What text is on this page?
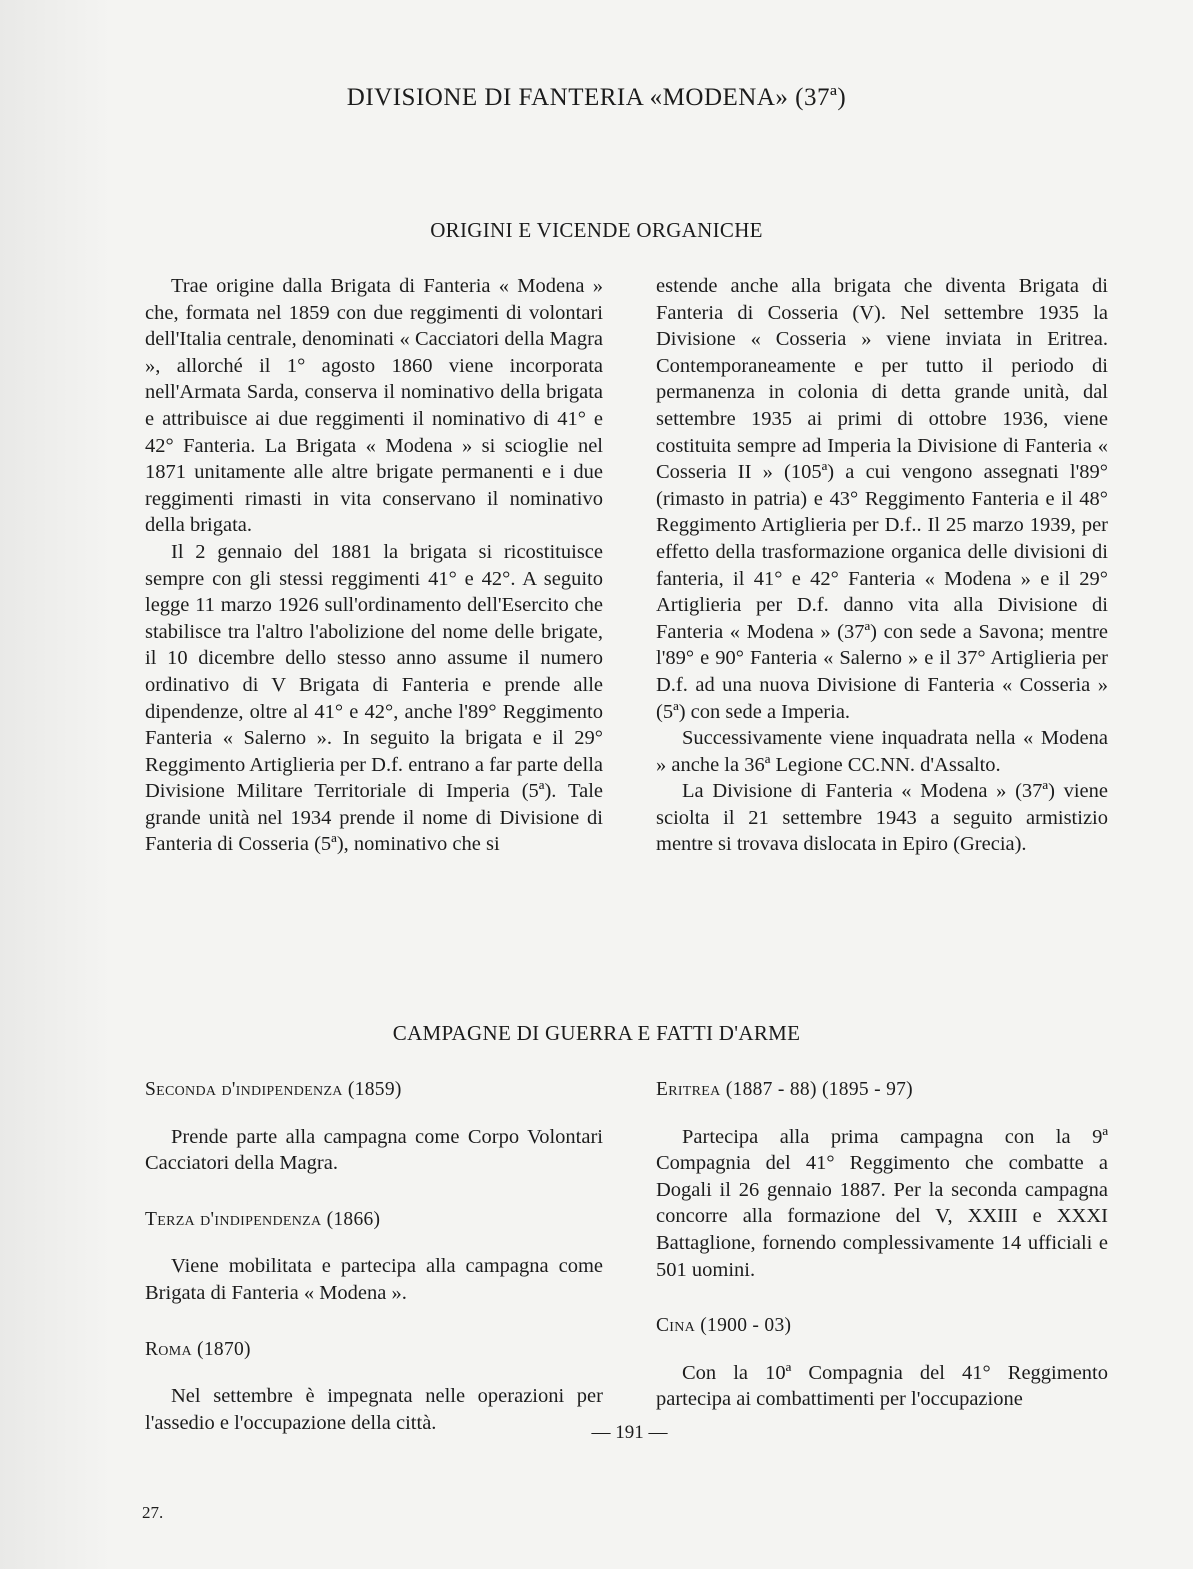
DIVISIONE DI FANTERIA «MODENA» (37ª)
ORIGINI E VICENDE ORGANICHE

Trae origine dalla Brigata di Fanteria « Modena » che, formata nel 1859 con due reggimenti di volontari dell'Italia centrale, denominati « Cacciatori della Magra », allorché il 1° agosto 1860 viene incorporata nell'Armata Sarda, conserva il nominativo della brigata e attribuisce ai due reggimenti il nominativo di 41° e 42° Fanteria. La Brigata « Modena » si scioglie nel 1871 unitamente alle altre brigate permanenti e i due reggimenti rimasti in vita conservano il nominativo della brigata.

Il 2 gennaio del 1881 la brigata si ricostituisce sempre con gli stessi reggimenti 41° e 42°. A seguito legge 11 marzo 1926 sull'ordinamento dell'Esercito che stabilisce tra l'altro l'abolizione del nome delle brigate, il 10 dicembre dello stesso anno assume il numero ordinativo di V Brigata di Fanteria e prende alle dipendenze, oltre al 41° e 42°, anche l'89° Reggimento Fanteria « Salerno ». In seguito la brigata e il 29° Reggimento Artiglieria per D.f. entrano a far parte della Divisione Militare Territoriale di Imperia (5ª). Tale grande unità nel 1934 prende il nome di Divisione di Fanteria di Cosseria (5ª), nominativo che si

estende anche alla brigata che diventa Brigata di Fanteria di Cosseria (V). Nel settembre 1935 la Divisione « Cosseria » viene inviata in Eritrea. Contemporaneamente e per tutto il periodo di permanenza in colonia di detta grande unità, dal settembre 1935 ai primi di ottobre 1936, viene costituita sempre ad Imperia la Divisione di Fanteria « Cosseria II » (105ª) a cui vengono assegnati l'89° (rimasto in patria) e 43° Reggimento Fanteria e il 48° Reggimento Artiglieria per D.f.. Il 25 marzo 1939, per effetto della trasformazione organica delle divisioni di fanteria, il 41° e 42° Fanteria « Modena » e il 29° Artiglieria per D.f. danno vita alla Divisione di Fanteria « Modena » (37ª) con sede a Savona; mentre l'89° e 90° Fanteria « Salerno » e il 37° Artiglieria per D.f. ad una nuova Divisione di Fanteria « Cosseria » (5ª) con sede a Imperia.

Successivamente viene inquadrata nella « Modena » anche la 36ª Legione CC.NN. d'Assalto.

La Divisione di Fanteria « Modena » (37ª) viene sciolta il 21 settembre 1943 a seguito armistizio mentre si trovava dislocata in Epiro (Grecia).

CAMPAGNE DI GUERRA E FATTI D'ARME
Seconda d'indipendenza (1859)

Prende parte alla campagna come Corpo Volontari Cacciatori della Magra.

Terza d'indipendenza (1866)

Viene mobilitata e partecipa alla campagna come Brigata di Fanteria « Modena ».

Roma (1870)

Nel settembre è impegnata nelle operazioni per l'assedio e l'occupazione della città.

Eritrea (1887 - 88) (1895 - 97)

Partecipa alla prima campagna con la 9ª Compagnia del 41° Reggimento che combatte a Dogali il 26 gennaio 1887. Per la seconda campagna concorre alla formazione del V, XXIII e XXXI Battaglione, fornendo complessivamente 14 ufficiali e 501 uomini.

Cina (1900 - 03)

Con la 10ª Compagnia del 41° Reggimento partecipa ai combattimenti per l'occupazione

— 191 —
27.
